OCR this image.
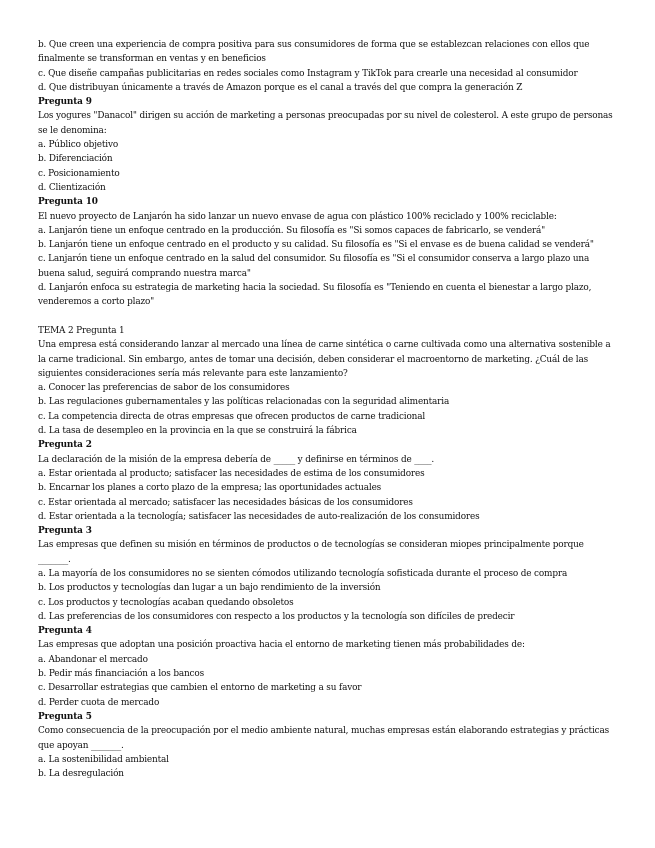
b. Que creen una experiencia de compra positiva para sus consumidores de forma que se establezcan relaciones con ellos que finalmente se transforman en ventas y en beneficios
c. Que diseñe campañas publicitarias en redes sociales como Instagram y TikTok para crearle una necesidad al consumidor
d. Que distribuyan únicamente a través de Amazon porque es el canal a través del que compra la generación Z
Pregunta 9
Los yogures "Danacol" dirigen su acción de marketing a personas preocupadas por su nivel de colesterol. A este grupo de personas se le denomina:
a. Público objetivo
b. Diferenciación
c. Posicionamiento
d. Clientización
Pregunta 10
El nuevo proyecto de Lanjarón ha sido lanzar un nuevo envase de agua con plástico 100% reciclado y 100% reciclable:
a. Lanjarón tiene un enfoque centrado en la producción. Su filosofía es "Si somos capaces de fabricarlo, se venderá"
b. Lanjarón tiene un enfoque centrado en el producto y su calidad. Su filosofía es "Si el envase es de buena calidad se venderá"
c. Lanjarón tiene un enfoque centrado en la salud del consumidor. Su filosofía es "Si el consumidor conserva a largo plazo una buena salud, seguirá comprando nuestra marca"
d. Lanjarón enfoca su estrategia de marketing hacia la sociedad. Su filosofía es "Teniendo en cuenta el bienestar a largo plazo, venderemos a corto plazo"
TEMA 2 Pregunta 1
Una empresa está considerando lanzar al mercado una línea de carne sintética o carne cultivada como una alternativa sostenible a la carne tradicional. Sin embargo, antes de tomar una decisión, deben considerar el macroentorno de marketing. ¿Cuál de las siguientes consideraciones sería más relevante para este lanzamiento?
a. Conocer las preferencias de sabor de los consumidores
b. Las regulaciones gubernamentales y las políticas relacionadas con la seguridad alimentaria
c. La competencia directa de otras empresas que ofrecen productos de carne tradicional
d. La tasa de desempleo en la provincia en la que se construirá la fábrica
Pregunta 2
La declaración de la misión de la empresa debería de _____ y definirse en términos de ____.
a. Estar orientada al producto; satisfacer las necesidades de estima de los consumidores
b. Encarnar los planes a corto plazo de la empresa; las oportunidades actuales
c. Estar orientada al mercado; satisfacer las necesidades básicas de los consumidores
d. Estar orientada a la tecnología; satisfacer las necesidades de auto-realización de los consumidores
Pregunta 3
Las empresas que definen su misión en términos de productos o de tecnologías se consideran miopes principalmente porque _______.
a. La mayoría de los consumidores no se sienten cómodos utilizando tecnología sofisticada durante el proceso de compra
b. Los productos y tecnologías dan lugar a un bajo rendimiento de la inversión
c. Los productos y tecnologías acaban quedando obsoletos
d. Las preferencias de los consumidores con respecto a los productos y la tecnología son difíciles de predecir
Pregunta 4
Las empresas que adoptan una posición proactiva hacia el entorno de marketing tienen más probabilidades de:
a. Abandonar el mercado
b. Pedir más financiación a los bancos
c. Desarrollar estrategias que cambien el entorno de marketing a su favor
d. Perder cuota de mercado
Pregunta 5
Como consecuencia de la preocupación por el medio ambiente natural, muchas empresas están elaborando estrategias y prácticas que apoyan _______.
a. La sostenibilidad ambiental
b. La desregulación
